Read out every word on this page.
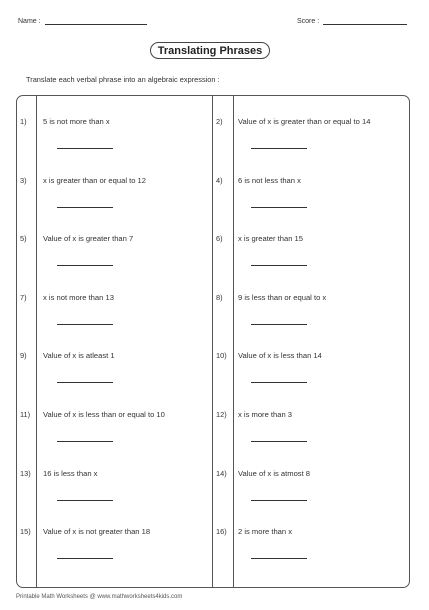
Name :	Score :
Translating Phrases
Translate each verbal phrase into an algebraic expression :
1) 5 is not more than x	2) Value of x is greater than or equal to 14
3) x is greater than or equal to 12	4) 6 is not less than x
5) Value of x is greater than 7	6) x is greater than 15
7) x is not more than 13	8) 9 is less than or equal to x
9) Value of x is atleast 1	10) Value of x is less than 14
11) Value of x is less than or equal to 10	12) x is more than 3
13) 16 is less than x	14) Value of x is atmost 8
15) Value of x is not greater than 18	16) 2 is more than x
Printable Math Worksheets @ www.mathworksheets4kids.com
